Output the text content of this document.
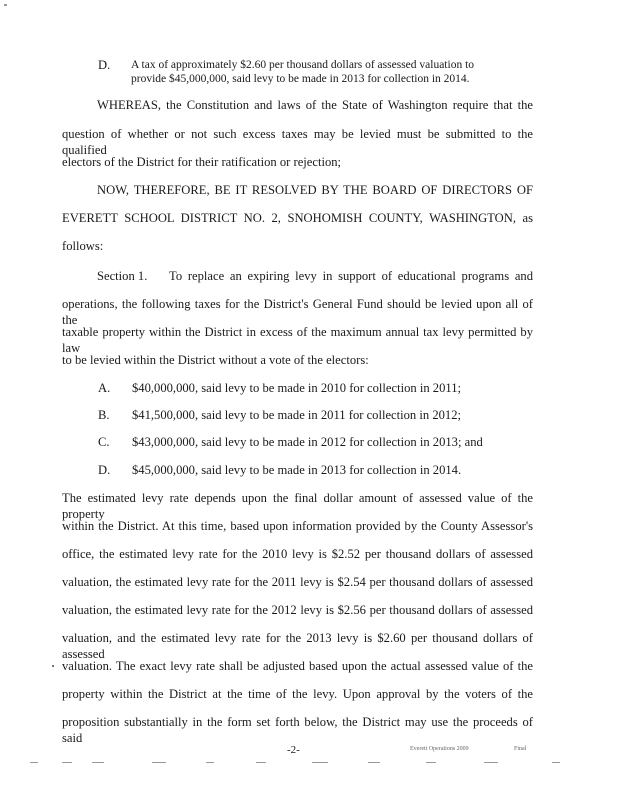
D. A tax of approximately $2.60 per thousand dollars of assessed valuation to
provide $45,000,000, said levy to be made in 2013 for collection in 2014.
WHEREAS, the Constitution and laws of the State of Washington require that the
question of whether or not such excess taxes may be levied must be submitted to the qualified
electors of the District for their ratification or rejection;
NOW, THEREFORE, BE IT RESOLVED BY THE BOARD OF DIRECTORS OF
EVERETT SCHOOL DISTRICT NO. 2, SNOHOMISH COUNTY, WASHINGTON, as
follows:
Section 1. To replace an expiring levy in support of educational programs and
operations, the following taxes for the District's General Fund should be levied upon all of the
taxable property within the District in excess of the maximum annual tax levy permitted by law
to be levied within the District without a vote of the electors:
A. $40,000,000, said levy to be made in 2010 for collection in 2011;
B. $41,500,000, said levy to be made in 2011 for collection in 2012;
C. $43,000,000, said levy to be made in 2012 for collection in 2013; and
D. $45,000,000, said levy to be made in 2013 for collection in 2014.
The estimated levy rate depends upon the final dollar amount of assessed value of the property
within the District. At this time, based upon information provided by the County Assessor's
office, the estimated levy rate for the 2010 levy is $2.52 per thousand dollars of assessed
valuation, the estimated levy rate for the 2011 levy is $2.54 per thousand dollars of assessed
valuation, the estimated levy rate for the 2012 levy is $2.56 per thousand dollars of assessed
valuation, and the estimated levy rate for the 2013 levy is $2.60 per thousand dollars of assessed
valuation. The exact levy rate shall be adjusted based upon the actual assessed value of the
property within the District at the time of the levy. Upon approval by the voters of the
proposition substantially in the form set forth below, the District may use the proceeds of said
-2-	Everett Operations 2009	Final
